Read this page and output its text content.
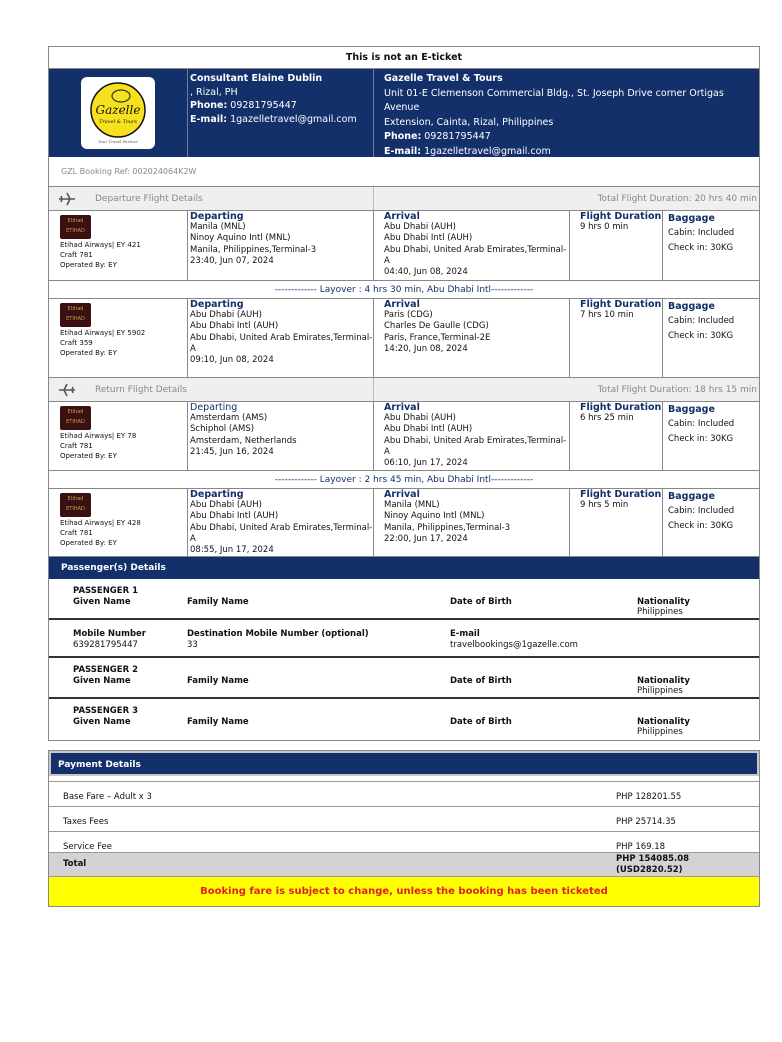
This is not an E-ticket
Gazelle
Travel & Tours
Your Travel Partner
Consultant Elaine Dublin
, Rizal, PH
Phone: 09281795447
E-mail: 1gazelletravel@gmail.com
Gazelle Travel & Tours
Unit 01-E Clemenson Commercial Bldg., St. Joseph Drive corner Ortigas Avenue
Extension, Cainta, Rizal, Philippines
Phone: 09281795447
E-mail: 1gazelletravel@gmail.com
GZL Booking Ref: 002024064K2W
Departure Flight Details	Total Flight Duration: 20 hrs 40 min
Etihad
ETIHAD
Etihad Airways| EY 421
Craft 781
Operated By: EY
Departing
Manila (MNL)
Ninoy Aquino Intl (MNL)
Manila, Philippines,Terminal-3
23:40, Jun 07, 2024
Arrival
Abu Dhabi (AUH)
Abu Dhabi Intl (AUH)
Abu Dhabi, United Arab Emirates,Terminal-A
04:40, Jun 08, 2024
Flight Duration
9 hrs 0 min
Baggage
Cabin: Included
Check in: 30KG
------------- Layover : 4 hrs 30 min, Abu Dhabi Intl-------------
Etihad
ETIHAD
Etihad Airways| EY 5902
Craft 359
Operated By: EY
Departing
Abu Dhabi (AUH)
Abu Dhabi Intl (AUH)
Abu Dhabi, United Arab Emirates,Terminal-A
09:10, Jun 08, 2024
Arrival
Paris (CDG)
Charles De Gaulle (CDG)
Paris, France,Terminal-2E
14:20, Jun 08, 2024
Flight Duration
7 hrs 10 min
Baggage
Cabin: Included
Check in: 30KG
Return Flight Details	Total Flight Duration: 18 hrs 15 min
Etihad
ETIHAD
Etihad Airways| EY 78
Craft 781
Operated By: EY
Departing
Amsterdam (AMS)
Schiphol (AMS)
Amsterdam, Netherlands
21:45, Jun 16, 2024
Arrival
Abu Dhabi (AUH)
Abu Dhabi Intl (AUH)
Abu Dhabi, United Arab Emirates,Terminal-A
06:10, Jun 17, 2024
Flight Duration
6 hrs 25 min
Baggage
Cabin: Included
Check in: 30KG
------------- Layover : 2 hrs 45 min, Abu Dhabi Intl-------------
Etihad
ETIHAD
Etihad Airways| EY 428
Craft 781
Operated By: EY
Departing
Abu Dhabi (AUH)
Abu Dhabi Intl (AUH)
Abu Dhabi, United Arab Emirates,Terminal-A
08:55, Jun 17, 2024
Arrival
Manila (MNL)
Ninoy Aquino Intl (MNL)
Manila, Philippines,Terminal-3
22:00, Jun 17, 2024
Flight Duration
9 hrs 5 min
Baggage
Cabin: Included
Check in: 30KG
Passenger(s) Details
PASSENGER 1
Given Name	Family Name	Date of Birth	Nationality
Philippines
Mobile Number
639281795447
Destination Mobile Number (optional)
33
E-mail
travelbookings@1gazelle.com
PASSENGER 2
Given Name	Family Name	Date of Birth	Nationality
Philippines
PASSENGER 3
Given Name	Family Name	Date of Birth	Nationality
Philippines
Payment Details
Base Fare – Adult x 3	PHP 128201.55
Taxes Fees	PHP 25714.35
Service Fee	PHP 169.18
Total	PHP 154085.08
(USD2820.52)
Booking fare is subject to change, unless the booking has been ticketed
